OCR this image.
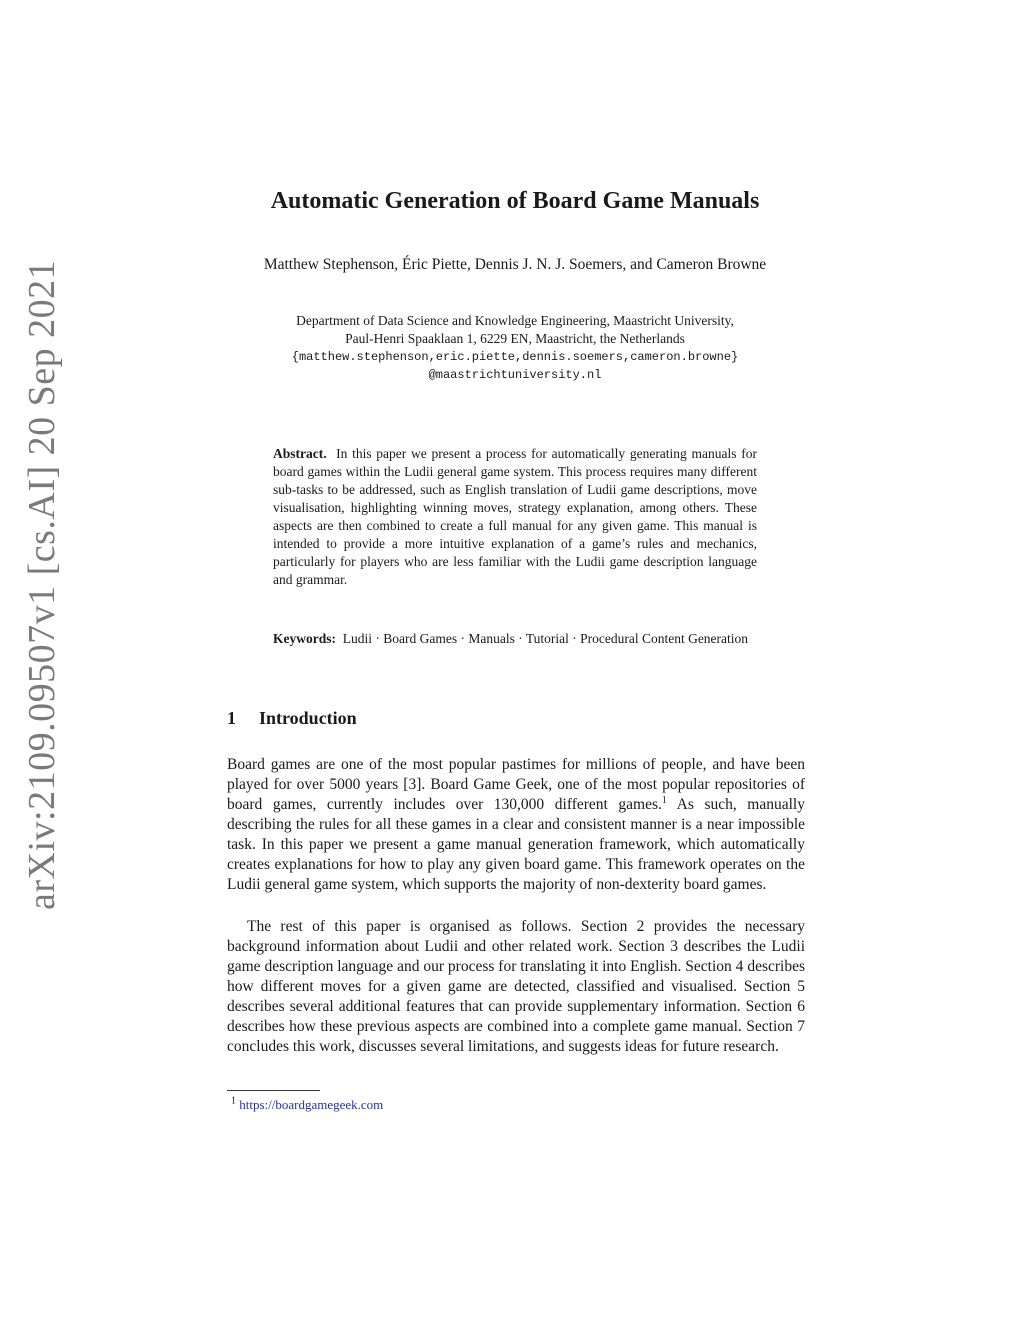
arXiv:2109.09507v1 [cs.AI] 20 Sep 2021
Automatic Generation of Board Game Manuals

Matthew Stephenson, Éric Piette, Dennis J. N. J. Soemers, and Cameron Browne

Department of Data Science and Knowledge Engineering, Maastricht University,
Paul-Henri Spaaklaan 1, 6229 EN, Maastricht, the Netherlands
{matthew.stephenson,eric.piette,dennis.soemers,cameron.browne}
@maastrichtuniversity.nl

Abstract. In this paper we present a process for automatically generating manuals for board games within the Ludii general game system. This process requires many different sub-tasks to be addressed, such as English translation of Ludii game descriptions, move visualisation, highlighting winning moves, strategy explanation, among others. These aspects are then combined to create a full manual for any given game. This manual is intended to provide a more intuitive explanation of a game’s rules and mechanics, particularly for players who are less familiar with the Ludii game description language and grammar.

Keywords: Ludii · Board Games · Manuals · Tutorial · Procedural Content Generation

1 Introduction

Board games are one of the most popular pastimes for millions of people, and have been played for over 5000 years [3]. Board Game Geek, one of the most popular repositories of board games, currently includes over 130,000 different games.$^1$ As such, manually describing the rules for all these games in a clear and consistent manner is a near impossible task. In this paper we present a game manual generation framework, which automatically creates explanations for how to play any given board game. This framework operates on the Ludii general game system, which supports the majority of non-dexterity board games.

The rest of this paper is organised as follows. Section 2 provides the necessary background information about Ludii and other related work. Section 3 describes the Ludii game description language and our process for translating it into English. Section 4 describes how different moves for a given game are detected, classified and visualised. Section 5 describes several additional features that can provide supplementary information. Section 6 describes how these previous aspects are combined into a complete game manual. Section 7 concludes this work, discusses several limitations, and suggests ideas for future research.

$^1$ https://boardgamegeek.com
